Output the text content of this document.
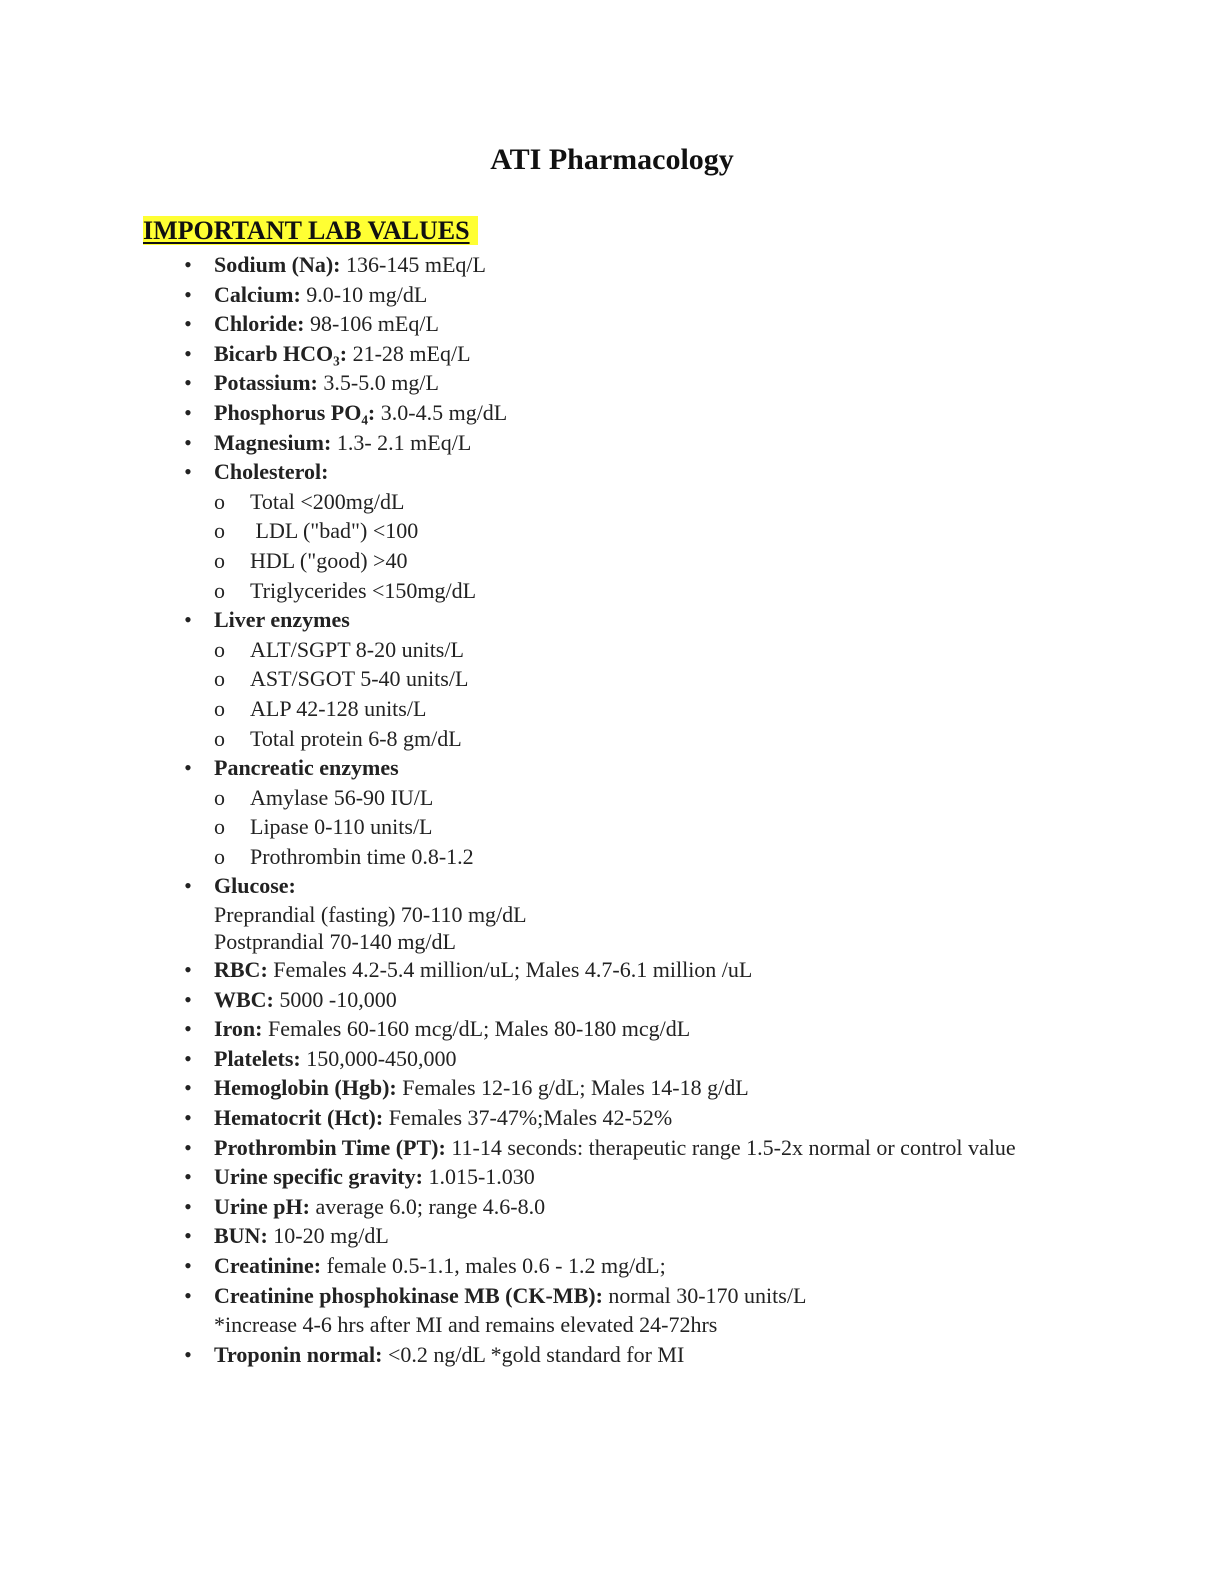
ATI Pharmacology
IMPORTANT LAB VALUES
• Sodium (Na): 136-145 mEq/L
• Calcium: 9.0-10 mg/dL
• Chloride: 98-106 mEq/L
• Bicarb HCO₃: 21-28 mEq/L
• Potassium: 3.5-5.0 mg/L
• Phosphorus PO₄: 3.0-4.5 mg/dL
• Magnesium: 1.3- 2.1 mEq/L
• Cholesterol:
o Total <200mg/dL
o LDL ("bad") <100
o HDL ("good) >40
o Triglycerides <150mg/dL
• Liver enzymes
o ALT/SGPT 8-20 units/L
o AST/SGOT 5-40 units/L
o ALP 42-128 units/L
o Total protein 6-8 gm/dL
• Pancreatic enzymes
o Amylase 56-90 IU/L
o Lipase 0-110 units/L
o Prothrombin time 0.8-1.2
• Glucose:
Preprandial (fasting) 70-110 mg/dL
Postprandial 70-140 mg/dL
• RBC: Females 4.2-5.4 million/uL; Males 4.7-6.1 million /uL
• WBC: 5000 -10,000
• Iron: Females 60-160 mcg/dL; Males 80-180 mcg/dL
• Platelets: 150,000-450,000
• Hemoglobin (Hgb): Females 12-16 g/dL; Males 14-18 g/dL
• Hematocrit (Hct): Females 37-47%;Males 42-52%
• Prothrombin Time (PT): 11-14 seconds: therapeutic range 1.5-2x normal or control value
• Urine specific gravity: 1.015-1.030
• Urine pH: average 6.0; range 4.6-8.0
• BUN: 10-20 mg/dL
• Creatinine: female 0.5-1.1, males 0.6 - 1.2 mg/dL;
• Creatinine phosphokinase MB (CK-MB): normal 30-170 units/L
*increase 4-6 hrs after MI and remains elevated 24-72hrs
• Troponin normal: <0.2 ng/dL *gold standard for MI
